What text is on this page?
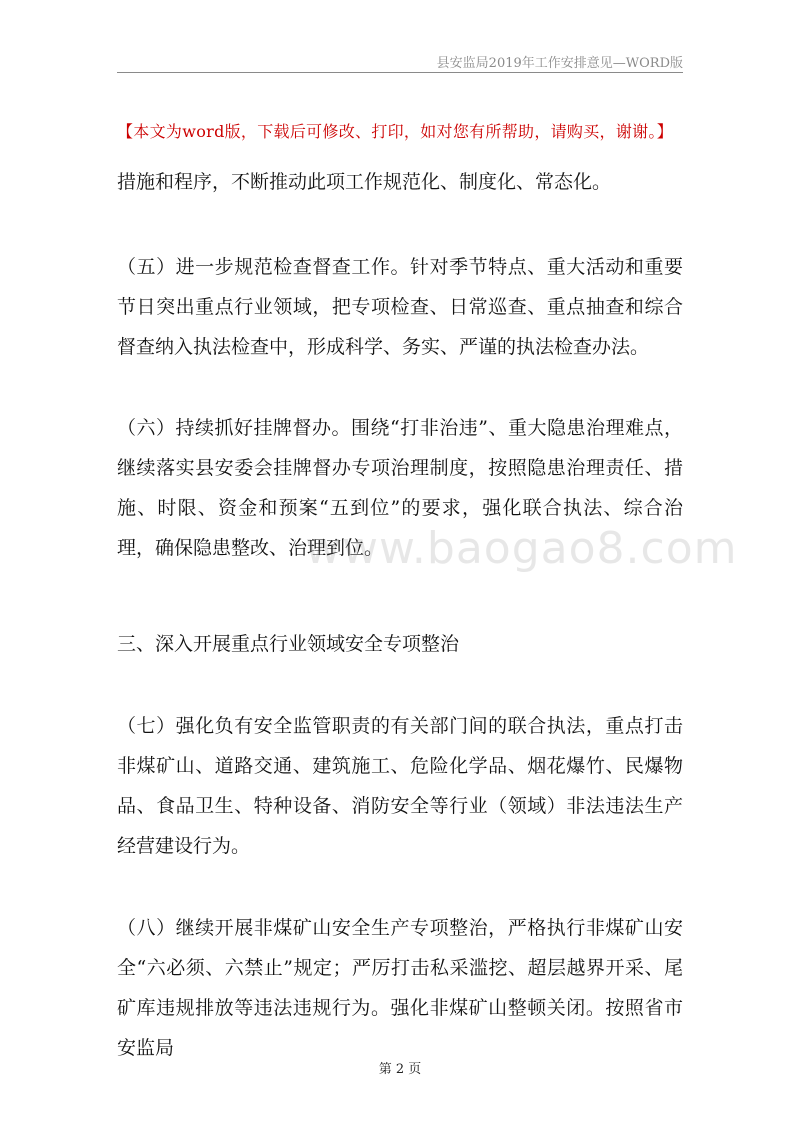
县安监局2019年工作安排意见—WORD版
【本文为word版，下载后可修改、打印，如对您有所帮助，请购买，谢谢。】

措施和程序，不断推动此项工作规范化、制度化、常态化。

（五）进一步规范检查督查工作。针对季节特点、重大活动和重要节日突出重点行业领域，把专项检查、日常巡查、重点抽查和综合督查纳入执法检查中，形成科学、务实、严谨的执法检查办法。

（六）持续抓好挂牌督办。围绕“打非治违”、重大隐患治理难点，继续落实县安委会挂牌督办专项治理制度，按照隐患治理责任、措施、时限、资金和预案“五到位”的要求，强化联合执法、综合治理，确保隐患整改、治理到位。

三、深入开展重点行业领域安全专项整治

（七）强化负有安全监管职责的有关部门间的联合执法，重点打击非煤矿山、道路交通、建筑施工、危险化学品、烟花爆竹、民爆物品、食品卫生、特种设备、消防安全等行业（领域）非法违法生产经营建设行为。

（八）继续开展非煤矿山安全生产专项整治，严格执行非煤矿山安全“六必须、六禁止”规定；严厉打击私采滥挖、超层越界开采、尾矿库违规排放等违法违规行为。强化非煤矿山整顿关闭。按照省市安监局

www.baogao8.com
第 2 页
